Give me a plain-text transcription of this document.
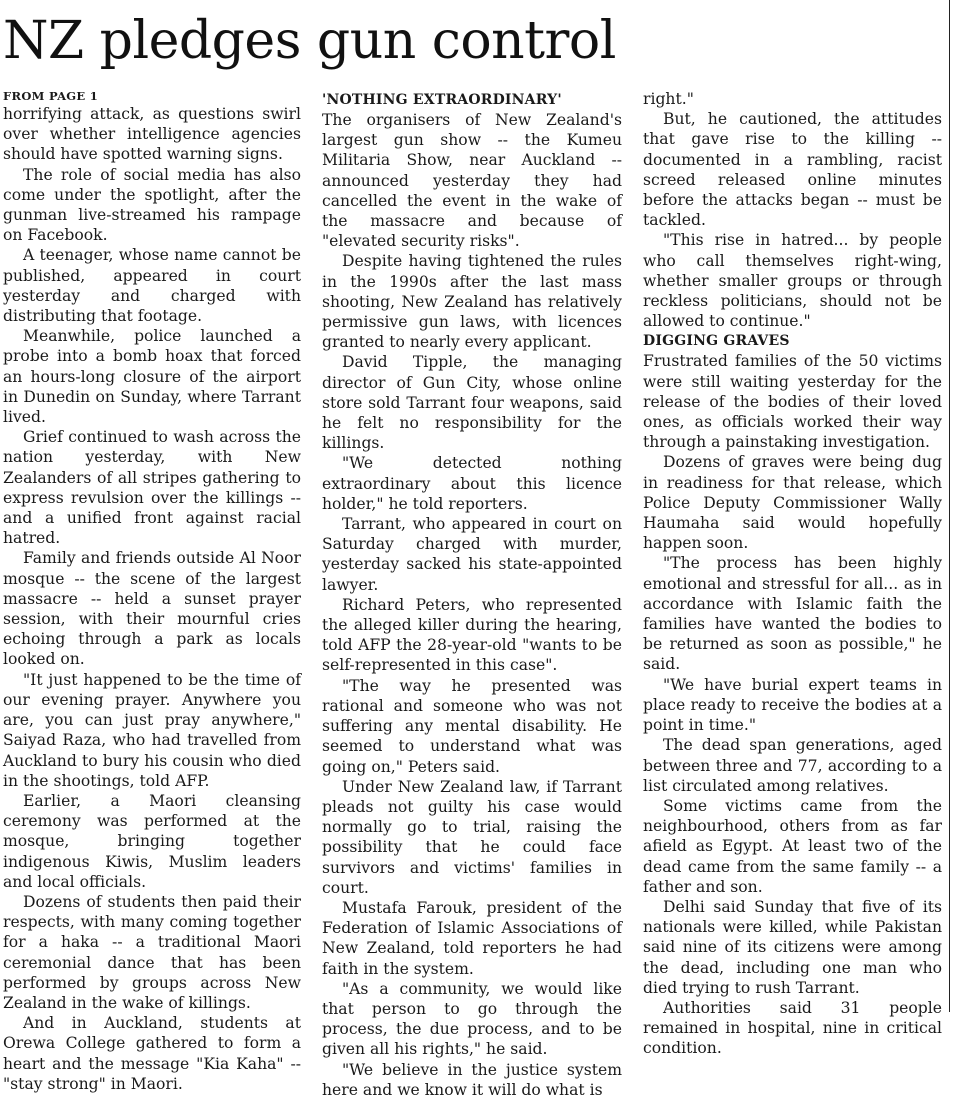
NZ pledges gun control
FROM PAGE 1

horrifying attack, as questions swirl over whether intelligence agencies should have spotted warning signs.

The role of social media has also come under the spotlight, after the gunman live-streamed his rampage on Facebook.

A teenager, whose name cannot be published, appeared in court yesterday and charged with distributing that footage.

Meanwhile, police launched a probe into a bomb hoax that forced an hours-long closure of the airport in Dunedin on Sunday, where Tarrant lived.

Grief continued to wash across the nation yesterday, with New Zealanders of all stripes gathering to express revulsion over the killings -- and a unified front against racial hatred.

Family and friends outside Al Noor mosque -- the scene of the largest massacre -- held a sunset prayer session, with their mournful cries echoing through a park as locals looked on.

"It just happened to be the time of our evening prayer. Anywhere you are, you can just pray anywhere," Saiyad Raza, who had travelled from Auckland to bury his cousin who died in the shootings, told AFP.

Earlier, a Maori cleansing ceremony was performed at the mosque, bringing together indigenous Kiwis, Muslim leaders and local officials.

Dozens of students then paid their respects, with many coming together for a haka -- a traditional Maori ceremonial dance that has been performed by groups across New Zealand in the wake of killings.

And in Auckland, students at Orewa College gathered to form a heart and the message "Kia Kaha" -- "stay strong" in Maori.

'NOTHING EXTRAORDINARY'

The organisers of New Zealand's largest gun show -- the Kumeu Militaria Show, near Auckland -- announced yesterday they had cancelled the event in the wake of the massacre and because of "elevated security risks".

Despite having tightened the rules in the 1990s after the last mass shooting, New Zealand has relatively permissive gun laws, with licences granted to nearly every applicant.

David Tipple, the managing director of Gun City, whose online store sold Tarrant four weapons, said he felt no responsibility for the killings.

"We detected nothing extraordinary about this licence holder," he told reporters.

Tarrant, who appeared in court on Saturday charged with murder, yesterday sacked his state-appointed lawyer.

Richard Peters, who represented the alleged killer during the hearing, told AFP the 28-year-old "wants to be self-represented in this case".

"The way he presented was rational and someone who was not suffering any mental disability. He seemed to understand what was going on," Peters said.

Under New Zealand law, if Tarrant pleads not guilty his case would normally go to trial, raising the possibility that he could face survivors and victims' families in court.

Mustafa Farouk, president of the Federation of Islamic Associations of New Zealand, told reporters he had faith in the system.

"As a community, we would like that person to go through the process, the due process, and to be given all his rights," he said.

"We believe in the justice system here and we know it will do what is

right."

But, he cautioned, the attitudes that gave rise to the killing -- documented in a rambling, racist screed released online minutes before the attacks began -- must be tackled.

"This rise in hatred... by people who call themselves right-wing, whether smaller groups or through reckless politicians, should not be allowed to continue."

DIGGING GRAVES

Frustrated families of the 50 victims were still waiting yesterday for the release of the bodies of their loved ones, as officials worked their way through a painstaking investigation.

Dozens of graves were being dug in readiness for that release, which Police Deputy Commissioner Wally Haumaha said would hopefully happen soon.

"The process has been highly emotional and stressful for all... as in accordance with Islamic faith the families have wanted the bodies to be returned as soon as possible," he said.

"We have burial expert teams in place ready to receive the bodies at a point in time."

The dead span generations, aged between three and 77, according to a list circulated among relatives.

Some victims came from the neighbourhood, others from as far afield as Egypt. At least two of the dead came from the same family -- a father and son.

Delhi said Sunday that five of its nationals were killed, while Pakistan said nine of its citizens were among the dead, including one man who died trying to rush Tarrant.

Authorities said 31 people remained in hospital, nine in critical condition.
